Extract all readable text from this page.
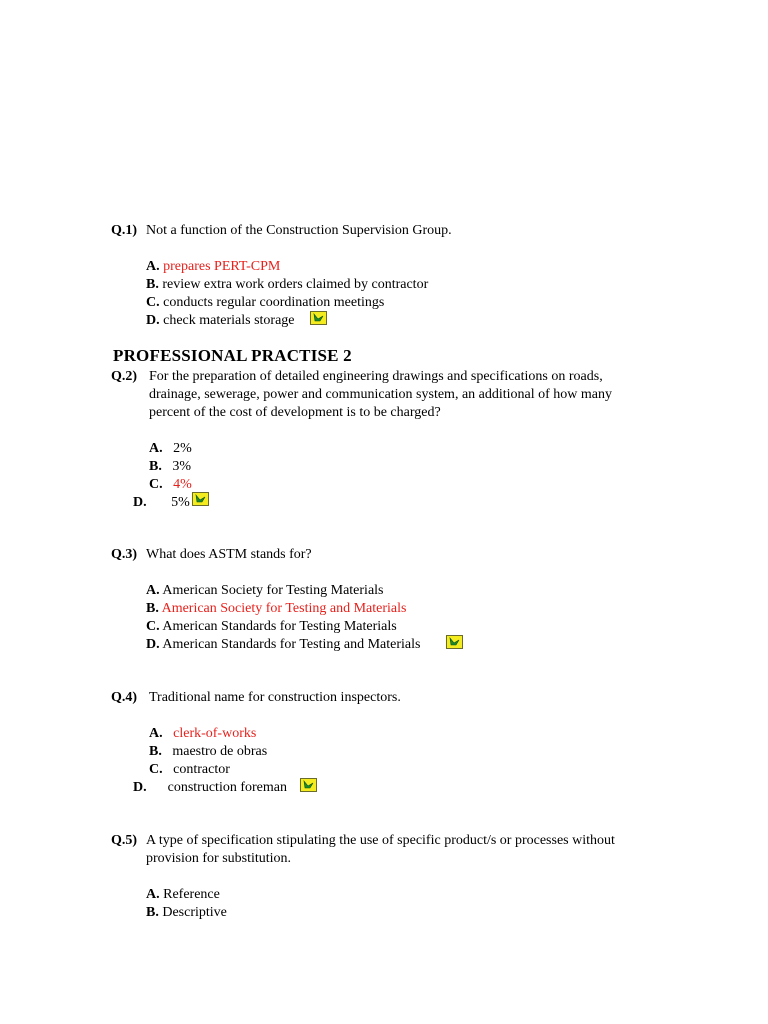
Q.1) Not a function of the Construction Supervision Group.
A. prepares PERT-CPM
B. review extra work orders claimed by contractor
C. conducts regular coordination meetings
D. check materials storage
PROFESSIONAL PRACTISE 2
Q.2) For the preparation of detailed engineering drawings and specifications on roads,
drainage, sewerage, power and communication system, an additional of how many
percent of the cost of development is to be charged?
A. 2%
B. 3%
C. 4%
D. 5%
Q.3) What does ASTM stands for?
A. American Society for Testing Materials
B. American Society for Testing and Materials
C. American Standards for Testing Materials
D. American Standards for Testing and Materials
Q.4) Traditional name for construction inspectors.
A. clerk-of-works
B. maestro de obras
C. contractor
D. construction foreman
Q.5) A type of specification stipulating the use of specific product/s or processes without
provision for substitution.
A. Reference
B. Descriptive
